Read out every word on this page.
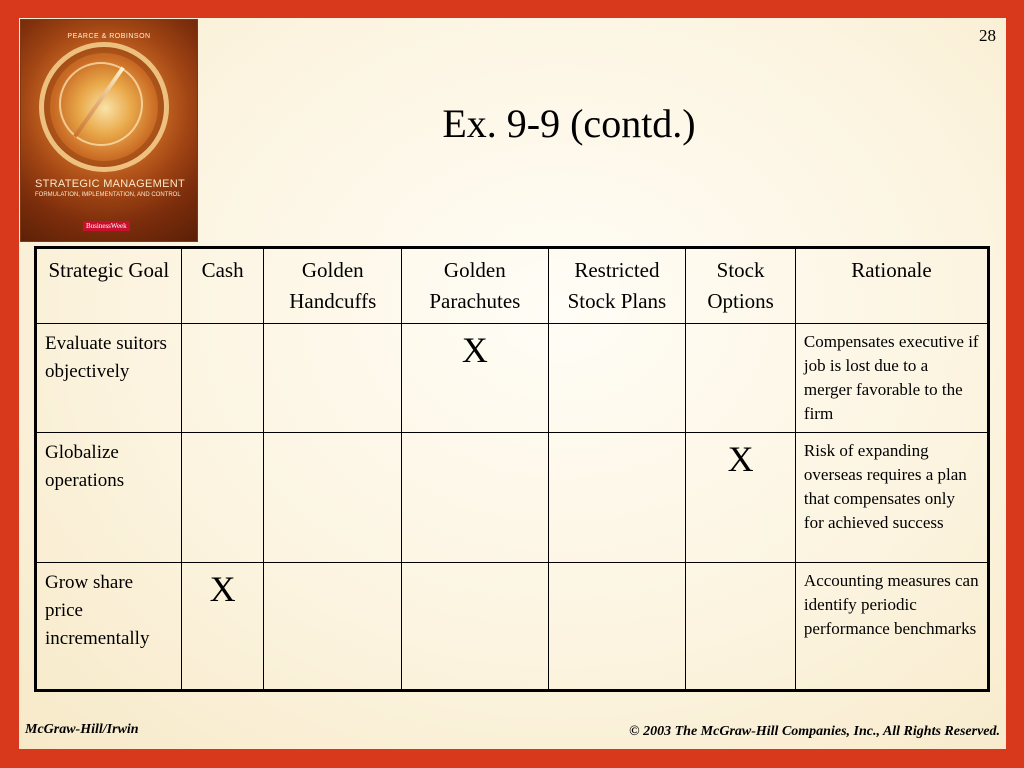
28
PEARCE & ROBINSON
STRATEGIC MANAGEMENT
FORMULATION, IMPLEMENTATION, AND CONTROL
BusinessWeek
Ex. 9-9 (contd.)
Strategic Goal	Cash	Golden Handcuffs	Golden Parachutes	Restricted Stock Plans	Stock Options	Rationale
Evaluate suitors objectively			X			Compensates executive if job is lost due to a merger favorable to the firm
Globalize operations					X	Risk of expanding overseas requires a plan that compensates only for achieved success
Grow share price incrementally	X					Accounting measures can identify periodic performance benchmarks
McGraw-Hill/Irwin	© 2003 The McGraw-Hill Companies, Inc., All Rights Reserved.
